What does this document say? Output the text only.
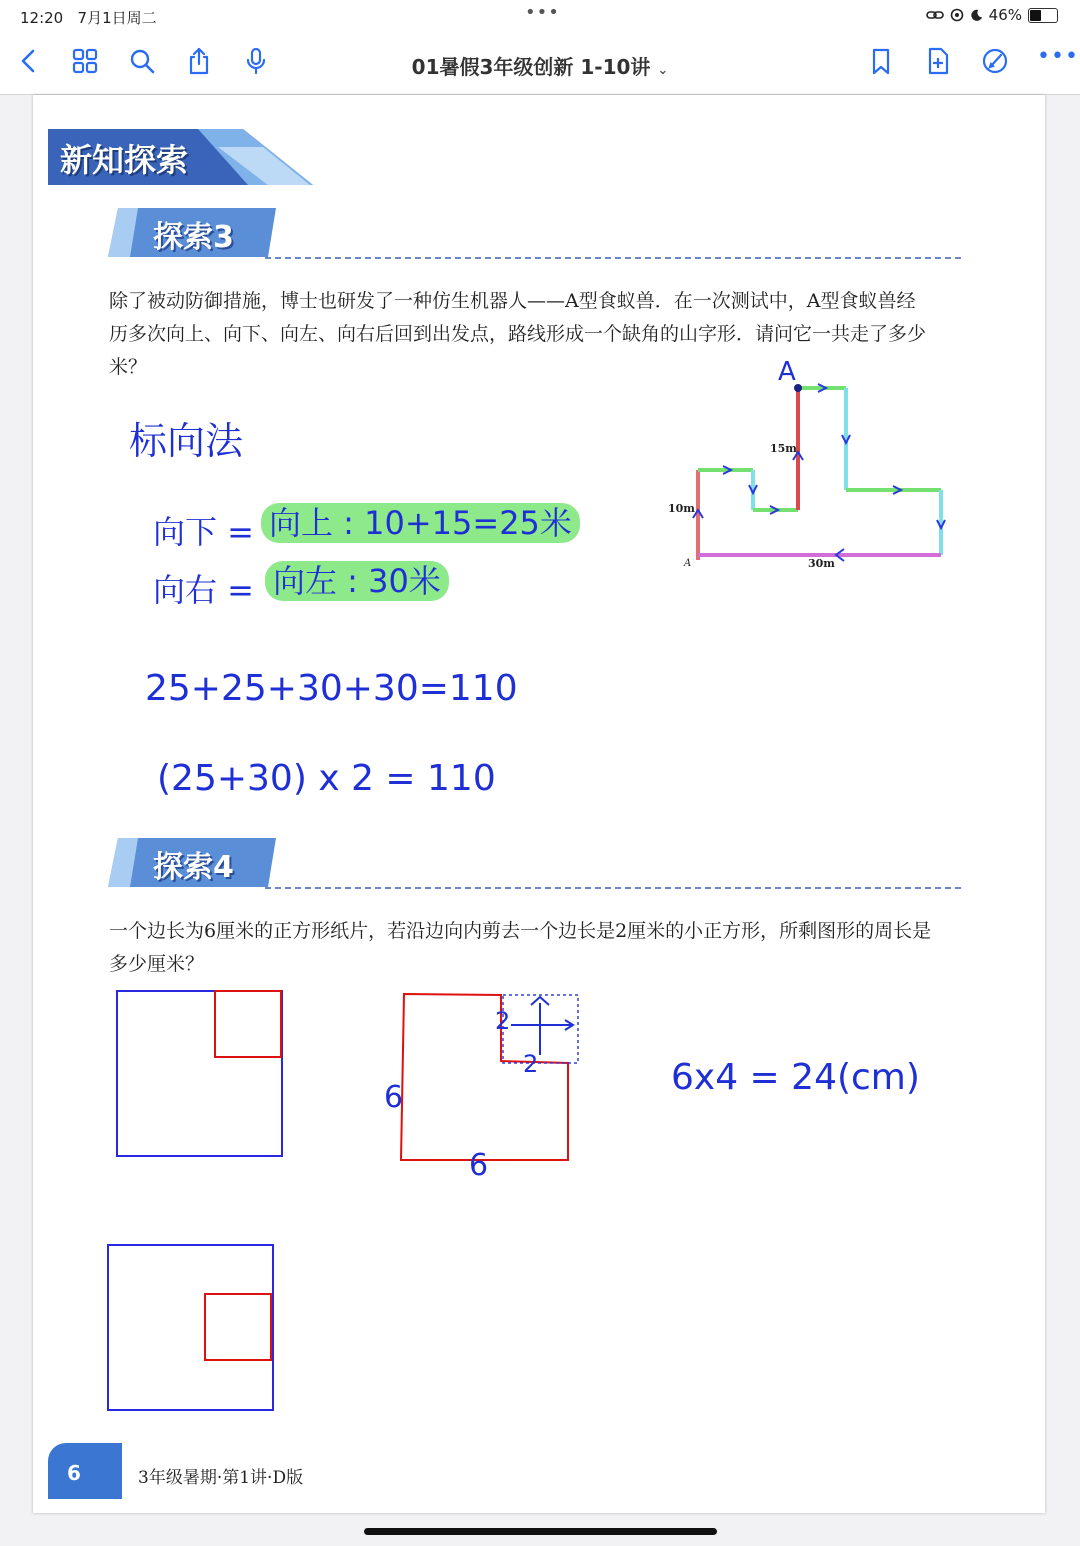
12:20 7月1日周二	•••	46%
01暑假3年级创新 1-10讲 ⌄
•••
新知探索
探索3
除了被动防御措施，博士也研发了一种仿生机器人——A型食蚁兽．在一次测试中，A型食蚁兽经
历多次向上、向下、向左、向右后回到出发点，路线形成一个缺角的山字形．请问它一共走了多少
米？	A
A
15m
10m
30m
标向法
向下 = 向上 : 10+15=25米
向右 = 向左 : 30米
25+25+30+30=110
(25+30) x 2 = 110
探索4
一个边长为6厘米的正方形纸片，若沿边向内剪去一个边长是2厘米的小正方形，所剩图形的周长是
多少厘米？
6
6
2
2	6x4 = 24(cm)
6	3年级暑期·第1讲·D版
